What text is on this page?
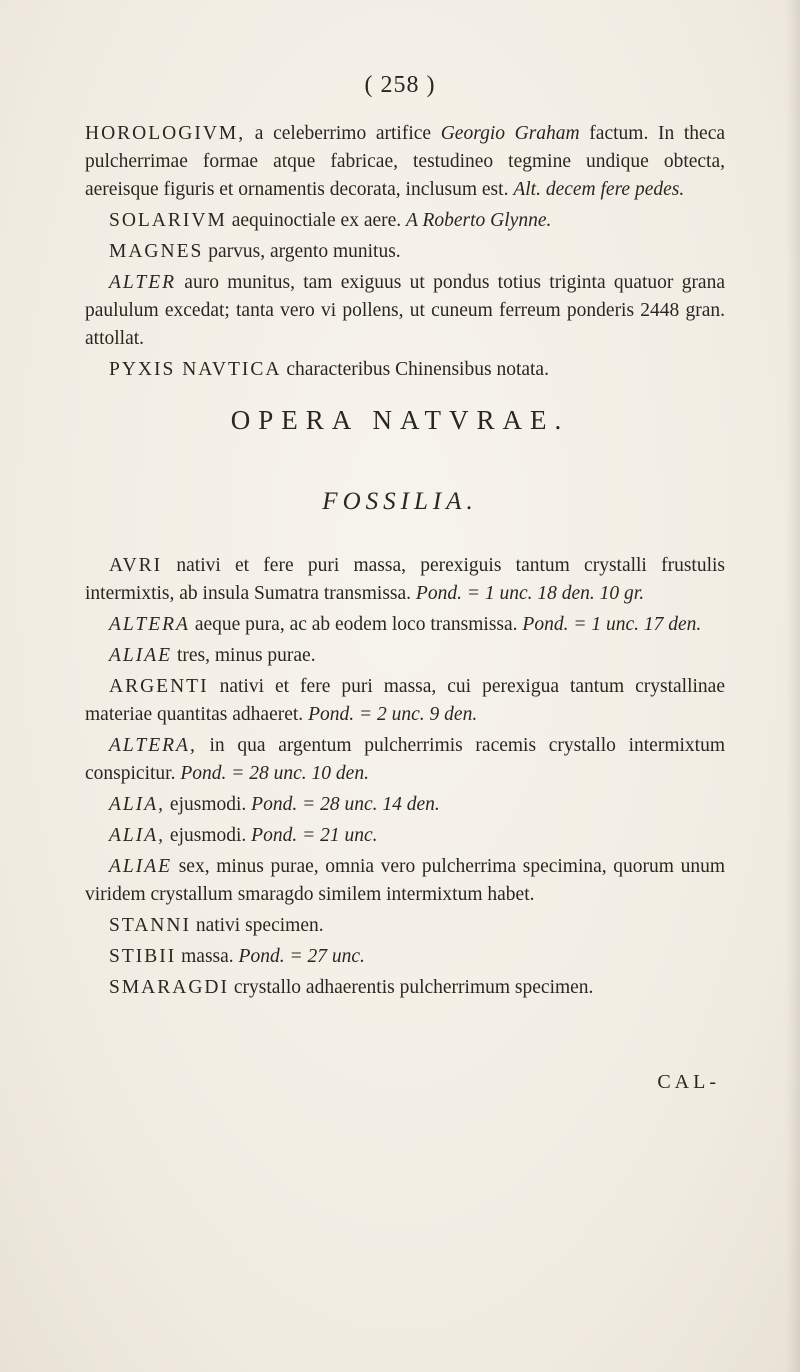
( 258 )

HOROLOGIVM, a celeberrimo artifice Georgio Graham factum. In theca pulcherrimae formae atque fabricae, testudineo tegmine undique obtecta, aereisque figuris et ornamentis decorata, inclusum est. Alt. decem fere pedes.

SOLARIVM aequinoctiale ex aere. A Roberto Glynne.

MAGNES parvus, argento munitus.

ALTER auro munitus, tam exiguus ut pondus totius triginta quatuor grana paululum excedat; tanta vero vi pollens, ut cuneum ferreum ponderis 2448 gran. attollat.

PYXIS NAVTICA characteribus Chinensibus notata.

OPERA NATVRAE.
FOSSILIA.

AVRI nativi et fere puri massa, perexiguis tantum crystalli frustulis intermixtis, ab insula Sumatra transmissa. Pond. = 1 unc. 18 den. 10 gr.

ALTERA aeque pura, ac ab eodem loco transmissa. Pond. = 1 unc. 17 den.

ALIAE tres, minus purae.

ARGENTI nativi et fere puri massa, cui perexigua tantum crystallinae materiae quantitas adhaeret. Pond. = 2 unc. 9 den.

ALTERA, in qua argentum pulcherrimis racemis crystallo intermixtum conspicitur. Pond. = 28 unc. 10 den.

ALIA, ejusmodi. Pond. = 28 unc. 14 den.

ALIA, ejusmodi. Pond. = 21 unc.

ALIAE sex, minus purae, omnia vero pulcherrima specimina, quorum unum viridem crystallum smaragdo similem intermixtum habet.

STANNI nativi specimen.

STIBII massa. Pond. = 27 unc.

SMARAGDI crystallo adhaerentis pulcherrimum specimen.

CAL-
